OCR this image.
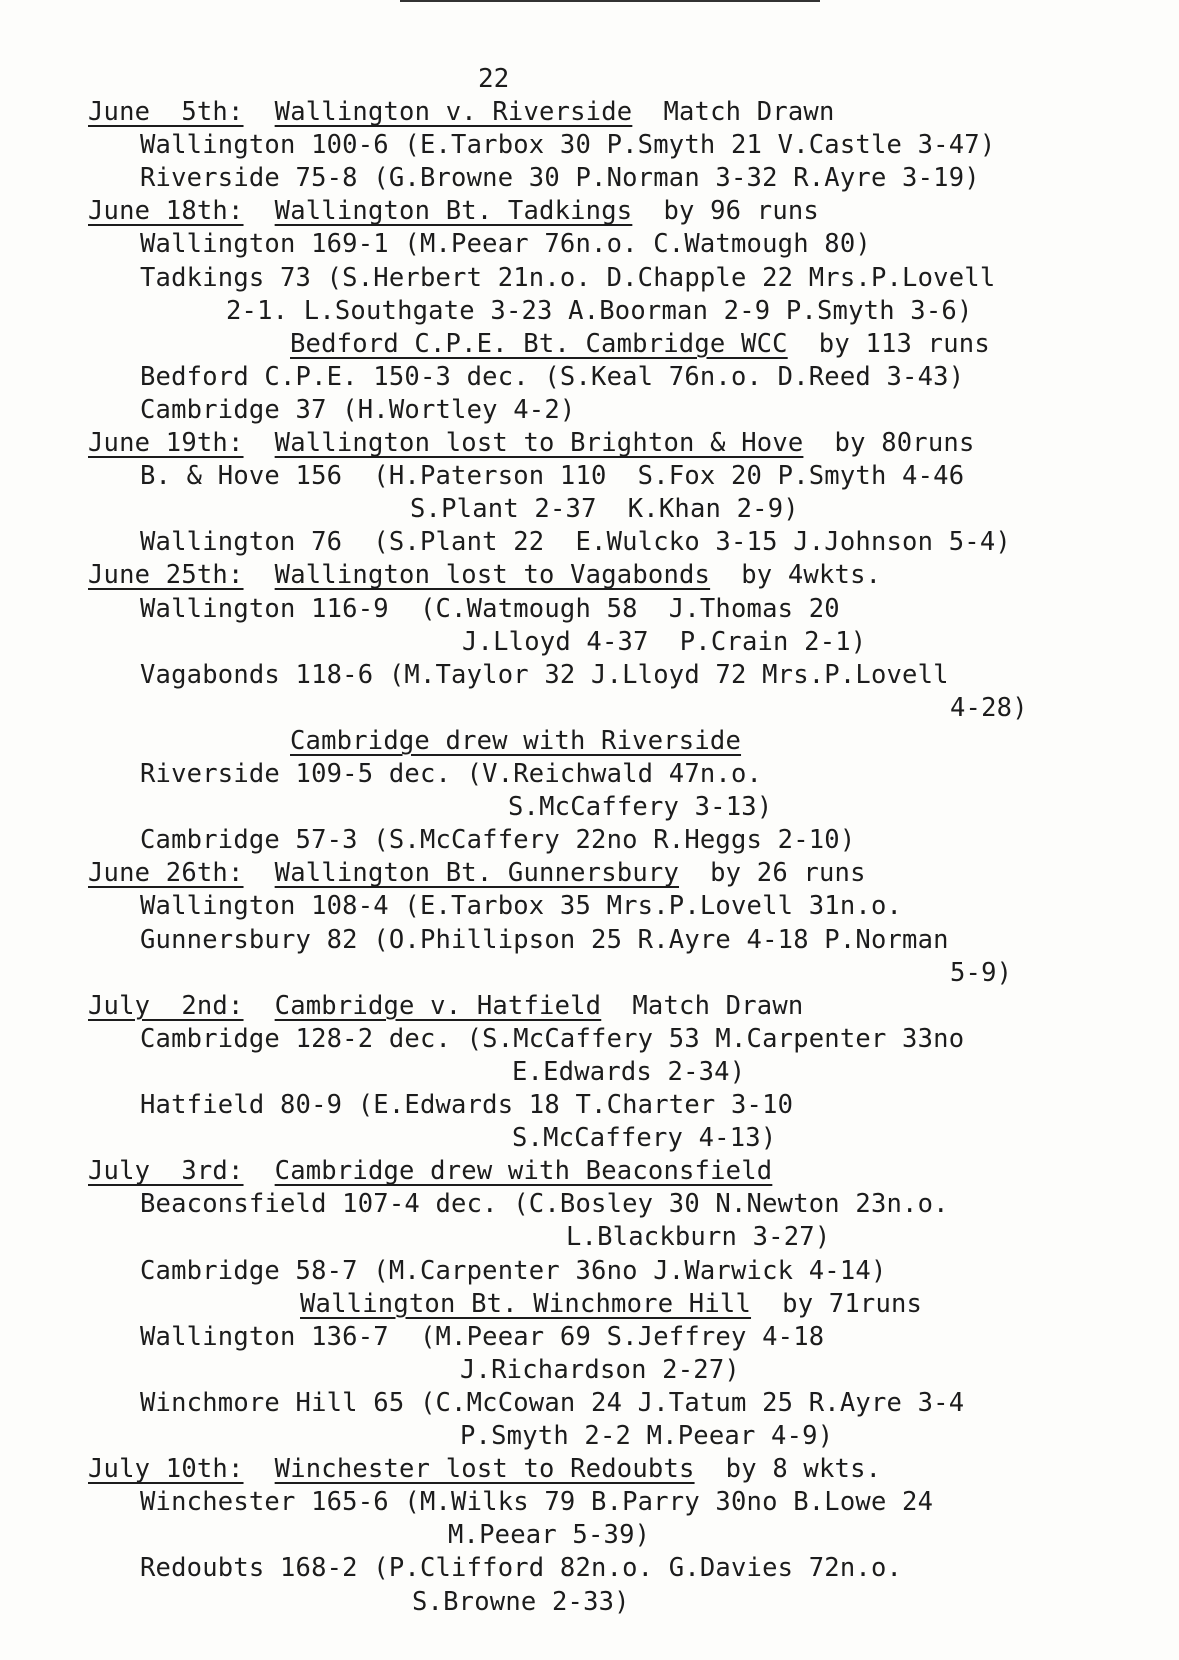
22
June  5th: Wallington v. Riverside Match Drawn
Wallington 100-6 (E.Tarbox 30 P.Smyth 21 V.Castle 3-47)
Riverside 75-8 (G.Browne 30 P.Norman 3-32 R.Ayre 3-19)
June 18th: Wallington Bt. Tadkings by 96 runs
Wallington 169-1 (M.Peear 76n.o. C.Watmough 80)
Tadkings 73 (S.Herbert 21n.o. D.Chapple 22 Mrs.P.Lovell
2-1. L.Southgate 3-23 A.Boorman 2-9 P.Smyth 3-6)
Bedford C.P.E. Bt. Cambridge WCC by 113 runs
Bedford C.P.E. 150-3 dec. (S.Keal 76n.o. D.Reed 3-43)
Cambridge 37 (H.Wortley 4-2)
June 19th: Wallington lost to Brighton & Hove by 80runs
B. & Hove 156  (H.Paterson 110  S.Fox 20 P.Smyth 4-46
S.Plant 2-37  K.Khan 2-9)
Wallington 76  (S.Plant 22  E.Wulcko 3-15 J.Johnson 5-4)
June 25th: Wallington lost to Vagabonds by 4wkts.
Wallington 116-9  (C.Watmough 58  J.Thomas 20
J.Lloyd 4-37  P.Crain 2-1)
Vagabonds 118-6 (M.Taylor 32 J.Lloyd 72 Mrs.P.Lovell
4-28)
Cambridge drew with Riverside
Riverside 109-5 dec. (V.Reichwald 47n.o.
S.McCaffery 3-13)
Cambridge 57-3 (S.McCaffery 22no R.Heggs 2-10)
June 26th: Wallington Bt. Gunnersbury by 26 runs
Wallington 108-4 (E.Tarbox 35 Mrs.P.Lovell 31n.o.
Gunnersbury 82 (O.Phillipson 25 R.Ayre 4-18 P.Norman
5-9)
July  2nd: Cambridge v. Hatfield Match Drawn
Cambridge 128-2 dec. (S.McCaffery 53 M.Carpenter 33no
E.Edwards 2-34)
Hatfield 80-9 (E.Edwards 18 T.Charter 3-10
S.McCaffery 4-13)
July  3rd: Cambridge drew with Beaconsfield
Beaconsfield 107-4 dec. (C.Bosley 30 N.Newton 23n.o.
L.Blackburn 3-27)
Cambridge 58-7 (M.Carpenter 36no J.Warwick 4-14)
Wallington Bt. Winchmore Hill by 71runs
Wallington 136-7  (M.Peear 69 S.Jeffrey 4-18
J.Richardson 2-27)
Winchmore Hill 65 (C.McCowan 24 J.Tatum 25 R.Ayre 3-4
P.Smyth 2-2 M.Peear 4-9)
July 10th: Winchester lost to Redoubts by 8 wkts.
Winchester 165-6 (M.Wilks 79 B.Parry 30no B.Lowe 24
M.Peear 5-39)
Redoubts 168-2 (P.Clifford 82n.o. G.Davies 72n.o.
S.Browne 2-33)
